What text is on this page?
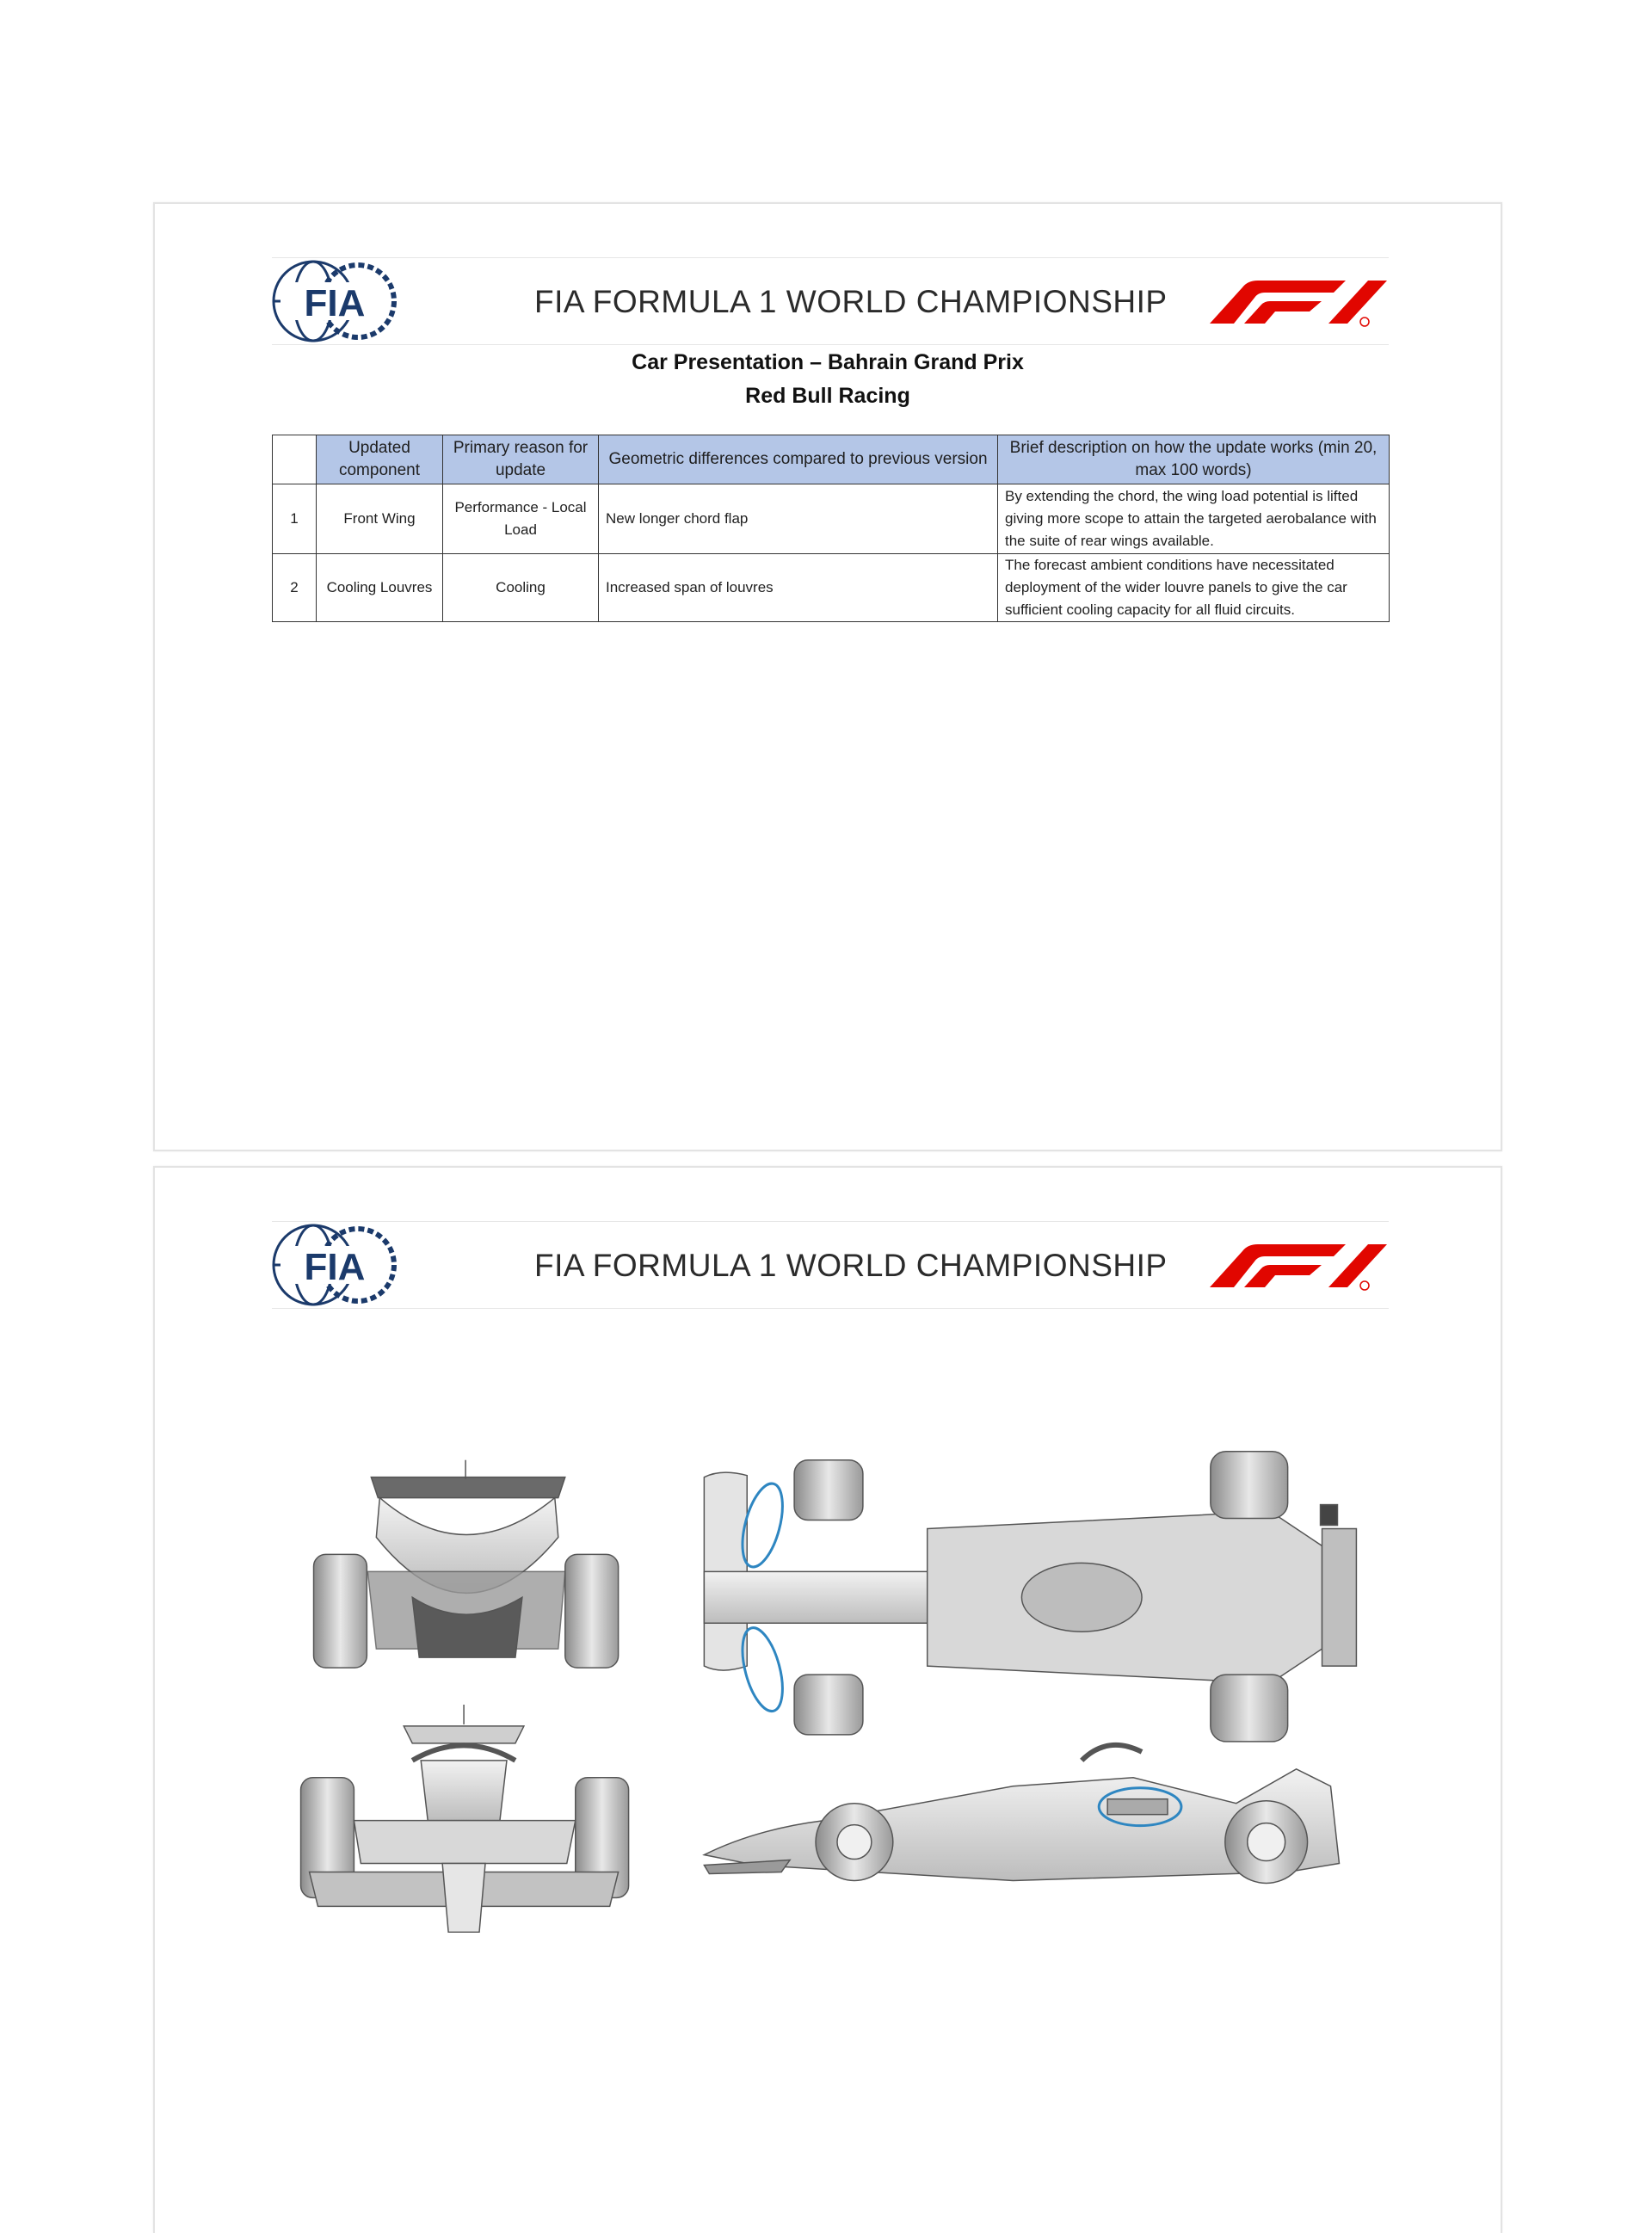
FIA	FIA FORMULA 1 WORLD CHAMPIONSHIP
Car Presentation – Bahrain Grand Prix
Red Bull Racing
	Updated component	Primary reason for update	Geometric differences compared to previous version	Brief description on how the update works (min 20, max 100 words)
1	Front Wing	Performance - Local Load	New longer chord flap	By extending the chord, the wing load potential is lifted giving more scope to attain the targeted aerobalance with the suite of rear wings available.
2	Cooling Louvres	Cooling	Increased span of louvres	The forecast ambient conditions have necessitated deployment of the wider louvre panels to give the car sufficient cooling capacity for all fluid circuits.
FIA	FIA FORMULA 1 WORLD CHAMPIONSHIP
